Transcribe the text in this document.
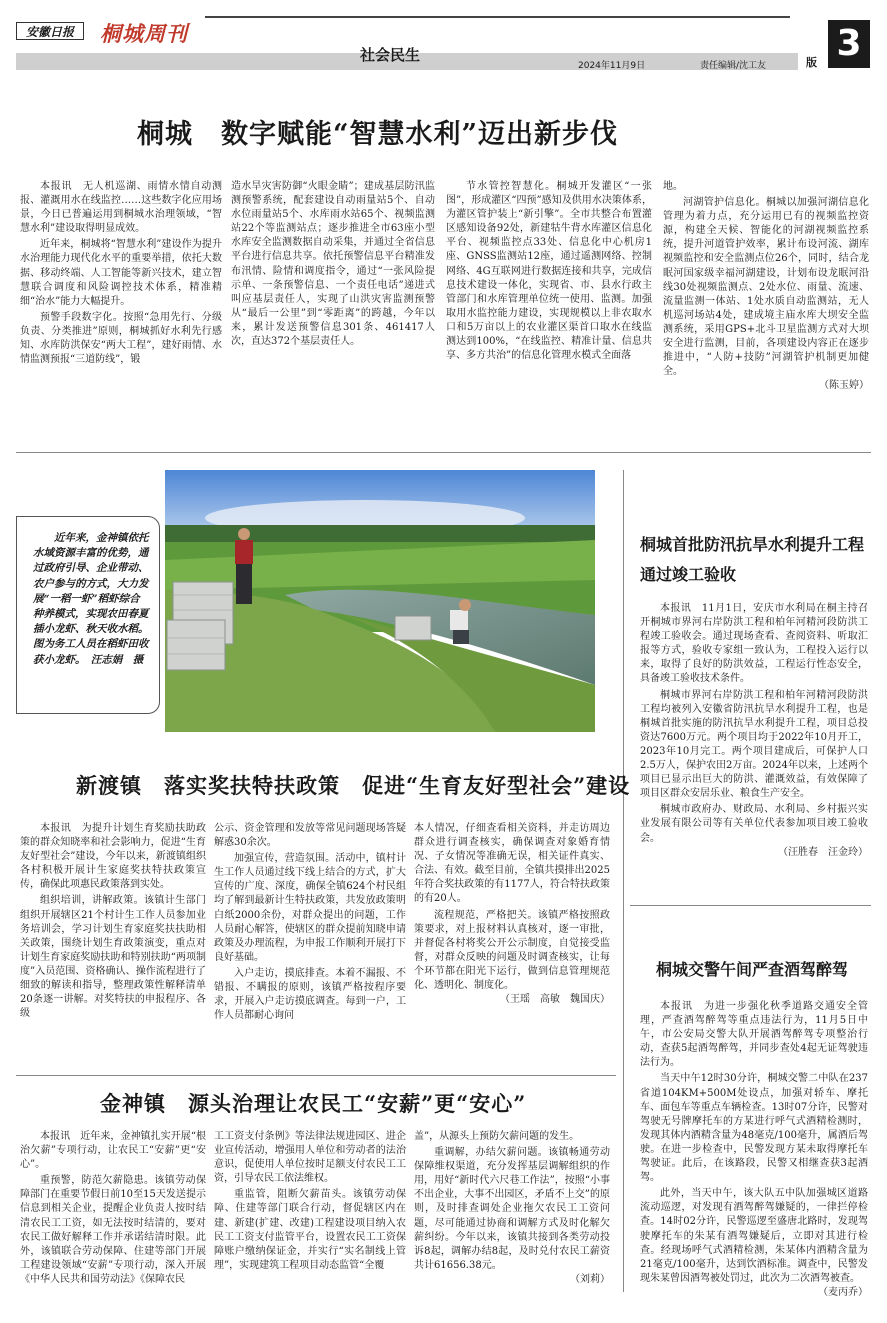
安徽日报	桐城周刊
社会民生
2024年11月9日	责任编辑/沈工友
3
版
桐城　数字赋能“智慧水利”迈出新步伐

本报讯　无人机巡湖、雨情水情自动测报、灌溉用水在线监控……这些数字化应用场景，今日已普遍运用到桐城水治理领域，“智慧水利”建设取得明显成效。

近年来，桐城将“智慧水利”建设作为提升水治理能力现代化水平的重要举措，依托大数据、移动终端、人工智能等新兴技术，建立智慧联合调度和风险调控技术体系，精准精细“治水”能力大幅提升。

预警手段数字化。按照“急用先行、分级负责、分类推进”原则，桐城抓好水利先行感知、水库防洪保安“两大工程”，建好雨情、水情监测预报“三道防线”，锻

造水旱灾害防御“火眼金睛”；建成基层防汛监测预警系统，配套建设自动雨量站5个、自动水位雨量站5个、水库雨水站65个、视频监测站22个等监测站点；逐步推进全市63座小型水库安全监测数据自动采集，并通过全省信息平台进行信息共享。依托预警信息平台精准发布汛情、险情和调度指令，通过“一张风险提示单、一条预警信息、一个责任电话”递进式叫应基层责任人，实现了山洪灾害监测预警从“最后一公里”到“零距离”的跨越，今年以来，累计发送预警信息301条、461417人次，直达372个基层责任人。

节水管控智慧化。桐城开发灌区“一张图”，形成灌区“四预”感知及供用水决策体系，为灌区管护装上“新引擎”。全市共整合布置灌区感知设备92处，新建牯牛背水库灌区信息化平台、视频监控点33处、信息化中心机房1座、GNSS监测站12座，通过遥测网络、控制网络、4G互联网进行数据连接和共享，完成信息技术建设一体化，实现省、市、县水行政主管部门和水库管理单位统一使用、监测。加强取用水监控能力建设，实现规模以上非农取水口和5万亩以上的农业灌区渠首口取水在线监测达到100%，“在线监控、精准计量、信息共享、多方共治”的信息化管理水模式全面落

地。

河湖管护信息化。桐城以加强河湖信息化管理为着力点，充分运用已有的视频监控资源，构建全天候、智能化的河湖视频监控系统，提升河道管护效率，累计布设河流、湖库视频监控和安全监测点位26个，同时，结合龙眠河国家级幸福河湖建设，计划布设龙眠河沿线30处视频监测点、2处水位、雨量、流速、流量监测一体站、1处水质自动监测站，无人机巡河场站4处，建成境主庙水库大坝安全监测系统，采用GPS+北斗卫星监测方式对大坝安全进行监测，目前，各项建设内容正在逐步推进中，“人防+技防”河湖管护机制更加健全。

（陈玉婷）

近年来，金神镇依托水域资源丰富的优势，通过政府引导、企业带动、农户参与的方式，大力发展“一稻一虾”稻虾综合种养模式，实现农田春夏插小龙虾、秋天收水稻。图为务工人员在稻虾田收获小龙虾。　汪志娟　摄

新渡镇　落实奖扶特扶政策　促进“生育友好型社会”建设

本报讯　为提升计划生育奖励扶助政策的群众知晓率和社会影响力，促进“生育友好型社会”建设，今年以来，新渡镇组织各村积极开展计生家庭奖扶特扶政策宣传，确保此项惠民政策落到实处。

组织培训，讲解政策。该镇计生部门组织开展辖区21个村计生工作人员参加业务培训会，学习计划生育家庭奖扶扶助相关政策，围绕计划生育政策演变，重点对计划生育家庭奖励扶助和特别扶助“两项制度”入员范围、资格确认、操作流程进行了细致的解读和指导，整理政策性解释清单20条逐一讲解。对奖特扶的申报程序、各级

公示、资金管理和发放等常见问题现场答疑解惑30余次。

加强宣传，营造氛围。活动中，镇村计生工作人员通过线下线上结合的方式，扩大宣传的广度、深度，确保全镇624个村民组均了解到最新计生特扶政策，共发放政策明白纸2000余份，对群众提出的问题，工作人员耐心解答，使辖区的群众提前知晓申请政策及办理流程，为申报工作顺利开展打下良好基础。

入户走访，摸底排查。本着不漏报、不错报、不瞒报的原则，该镇严格按程序要求，开展入户走访摸底调查。每到一户，工作人员都耐心询问

本人情况，仔细查看相关资料，并走访周边群众进行调查核实，确保调查对象婚育情况、子女情况等准确无误，相关证件真实、合法、有效。截至目前，全镇共摸排出2025年符合奖扶政策的有1177人，符合特扶政策的有20人。

流程规范，严格把关。该镇严格按照政策要求，对上报材料认真核对，逐一审批，并督促各村将奖公开公示制度，自觉接受监督，对群众反映的问题及时调查核实，让每个环节都在阳光下运行，做到信息管理规范化、透明化、制度化。

（王瑶　高敏　魏国庆）
金神镇　源头治理让农民工“安薪”更“安心”

本报讯　近年来，金神镇扎实开展“根治欠薪”专项行动，让农民工“安薪”更“安心”。

重预警，防范欠薪隐患。该镇劳动保障部门在重要节假日前10至15天发送提示信息到相关企业，提醒企业负责人按时结清农民工工资，如无法按时结清的，要对农民工做好解释工作并承诺结清时限。此外，该镇联合劳动保障、住建等部门开展工程建设领域“安薪”专项行动，深入开展《中华人民共和国劳动法》《保障农民

工工资支付条例》等法律法规进园区、进企业宣传活动，增强用人单位和劳动者的法治意识，促使用人单位按时足额支付农民工工资，引导农民工依法维权。

重监管，阻断欠薪苗头。该镇劳动保障、住建等部门联合行动，督促辖区内在建、新建(扩建、改建)工程建设项目纳入农民工工资支付监管平台，设置农民工工资保障账户缴纳保证金，并实行“实名制线上管理”，实现建筑工程项目动态监管“全覆

盖”，从源头上预防欠薪问题的发生。

重调解，办结欠薪问题。该镇畅通劳动保障维权渠道，充分发挥基层调解组织的作用，用好“新时代六尺巷工作法”，按照“小事不出企业，大事不出园区，矛盾不上交”的原则，及时排查调处企业拖欠农民工工资问题，尽可能通过协商和调解方式及时化解欠薪纠纷。今年以来，该镇共接到各类劳动投诉8起，调解办结8起，及时兑付农民工薪资共计61656.38元。

（刘莉）
桐城首批防汛抗旱水利提升工程
通过竣工验收

本报讯　11月1日，安庆市水利局在桐主持召开桐城市界河右岸防洪工程和柏年河精河段防洪工程竣工验收会。通过现场查看、查阅资料、听取汇报等方式，验收专家组一致认为，工程投入运行以来，取得了良好的防洪效益，工程运行性态安全，具备竣工验收技术条件。

桐城市界河右岸防洪工程和柏年河精河段防洪工程均被列入安徽省防汛抗旱水利提升工程，也是桐城首批实施的防汛抗旱水利提升工程，项目总投资达7600万元。两个项目均于2022年10月开工，2023年10月完工。两个项目建成后，可保护人口2.5万人，保护农田2万亩。2024年以来，上述两个项目已显示出巨大的防洪、灌溉效益，有效保障了项目区群众安居乐业、粮食生产安全。

桐城市政府办、财政局、水利局、乡村振兴实业发展有限公司等有关单位代表参加项目竣工验收会。

（汪胜春　汪金玲）
桐城交警午间严查酒驾醉驾

本报讯　为进一步强化秋季道路交通安全管理，严查酒驾醉驾等重点违法行为，11月5日中午，市公安局交警大队开展酒驾醉驾专项整治行动，查获5起酒驾醉驾，并同步查处4起无证驾驶违法行为。

当天中午12时30分许，桐城交警二中队在237省道104KM+500M处设点，加强对轿车、摩托车、面包车等重点车辆检查。13时07分许，民警对驾驶无号牌摩托车的方某进行呼气式酒精检测时，发现其体内酒精含量为48毫克/100毫升，属酒后驾驶。在进一步检查中，民警发现方某未取得摩托车驾驶证。此后，在该路段，民警又相继查获3起酒驾。

此外，当天中午，该大队五中队加强城区道路流动巡逻，对发现有酒驾醉驾嫌疑的，一律拦停检查。14时02分许，民警巡逻至盛唐北路时，发现驾驶摩托车的朱某有酒驾嫌疑后，立即对其进行检查。经现场呼气式酒精检测，朱某体内酒精含量为21毫克/100毫升，达到饮酒标准。调查中，民警发现朱某曾因酒驾被处罚过，此次为二次酒驾被查。

（麦丙乔）
